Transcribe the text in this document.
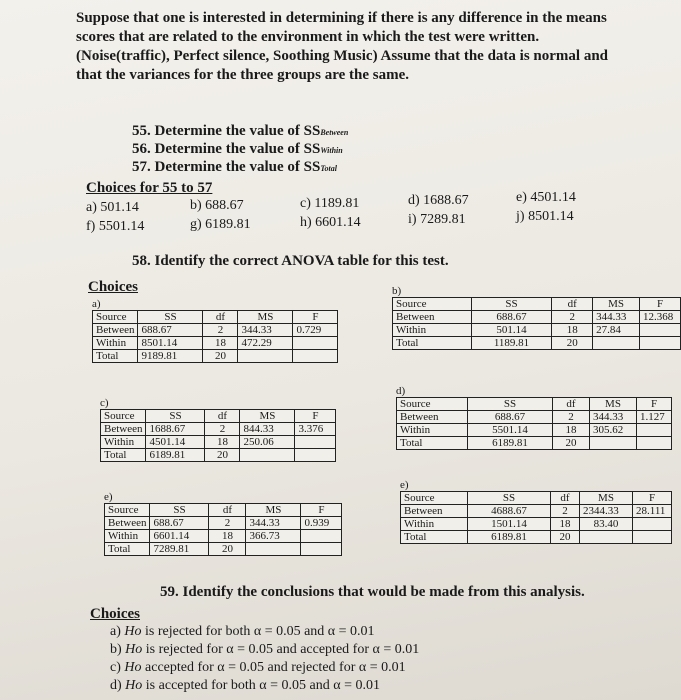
Suppose that one is interested in determining if there is any difference in the means
scores that are related to the environment in which the test were written.
(Noise(traffic), Perfect silence, Soothing Music) Assume that the data is normal and
that the variances for the three groups are the same.
55. Determine the value of SSBetween
56. Determine the value of SSWithin
57. Determine the value of SSTotal
Choices for 55 to 57
a) 501.14	b) 688.67	c) 1189.81	d) 1688.67	e) 4501.14
f) 5501.14	g) 6189.81	h) 6601.14	i) 7289.81	j) 8501.14
58. Identify the correct ANOVA table for this test.
Choices
a)
Source	SS	df	MS	F
Between	688.67	2	344.33	0.729
Within	8501.14	18	472.29	
Total	9189.81	20		
b)
Source	SS	df	MS	F
Between	688.67	2	344.33	12.368
Within	501.14	18	27.84	
Total	1189.81	20		
c)
Source	SS	df	MS	F
Between	1688.67	2	844.33	3.376
Within	4501.14	18	250.06	
Total	6189.81	20		
d)
Source	SS	df	MS	F
Between	688.67	2	344.33	1.127
Within	5501.14	18	305.62	
Total	6189.81	20		
e)
Source	SS	df	MS	F
Between	688.67	2	344.33	0.939
Within	6601.14	18	366.73	
Total	7289.81	20		
e)
Source	SS	df	MS	F
Between	4688.67	2	2344.33	28.111
Within	1501.14	18	83.40	
Total	6189.81	20		
59. Identify the conclusions that would be made from this analysis.
Choices
a) Ho is rejected for both α = 0.05 and α = 0.01
b) Ho is rejected for α = 0.05 and accepted for α = 0.01
c) Ho accepted for α = 0.05 and rejected for α = 0.01
d) Ho is accepted for both α = 0.05 and α = 0.01
